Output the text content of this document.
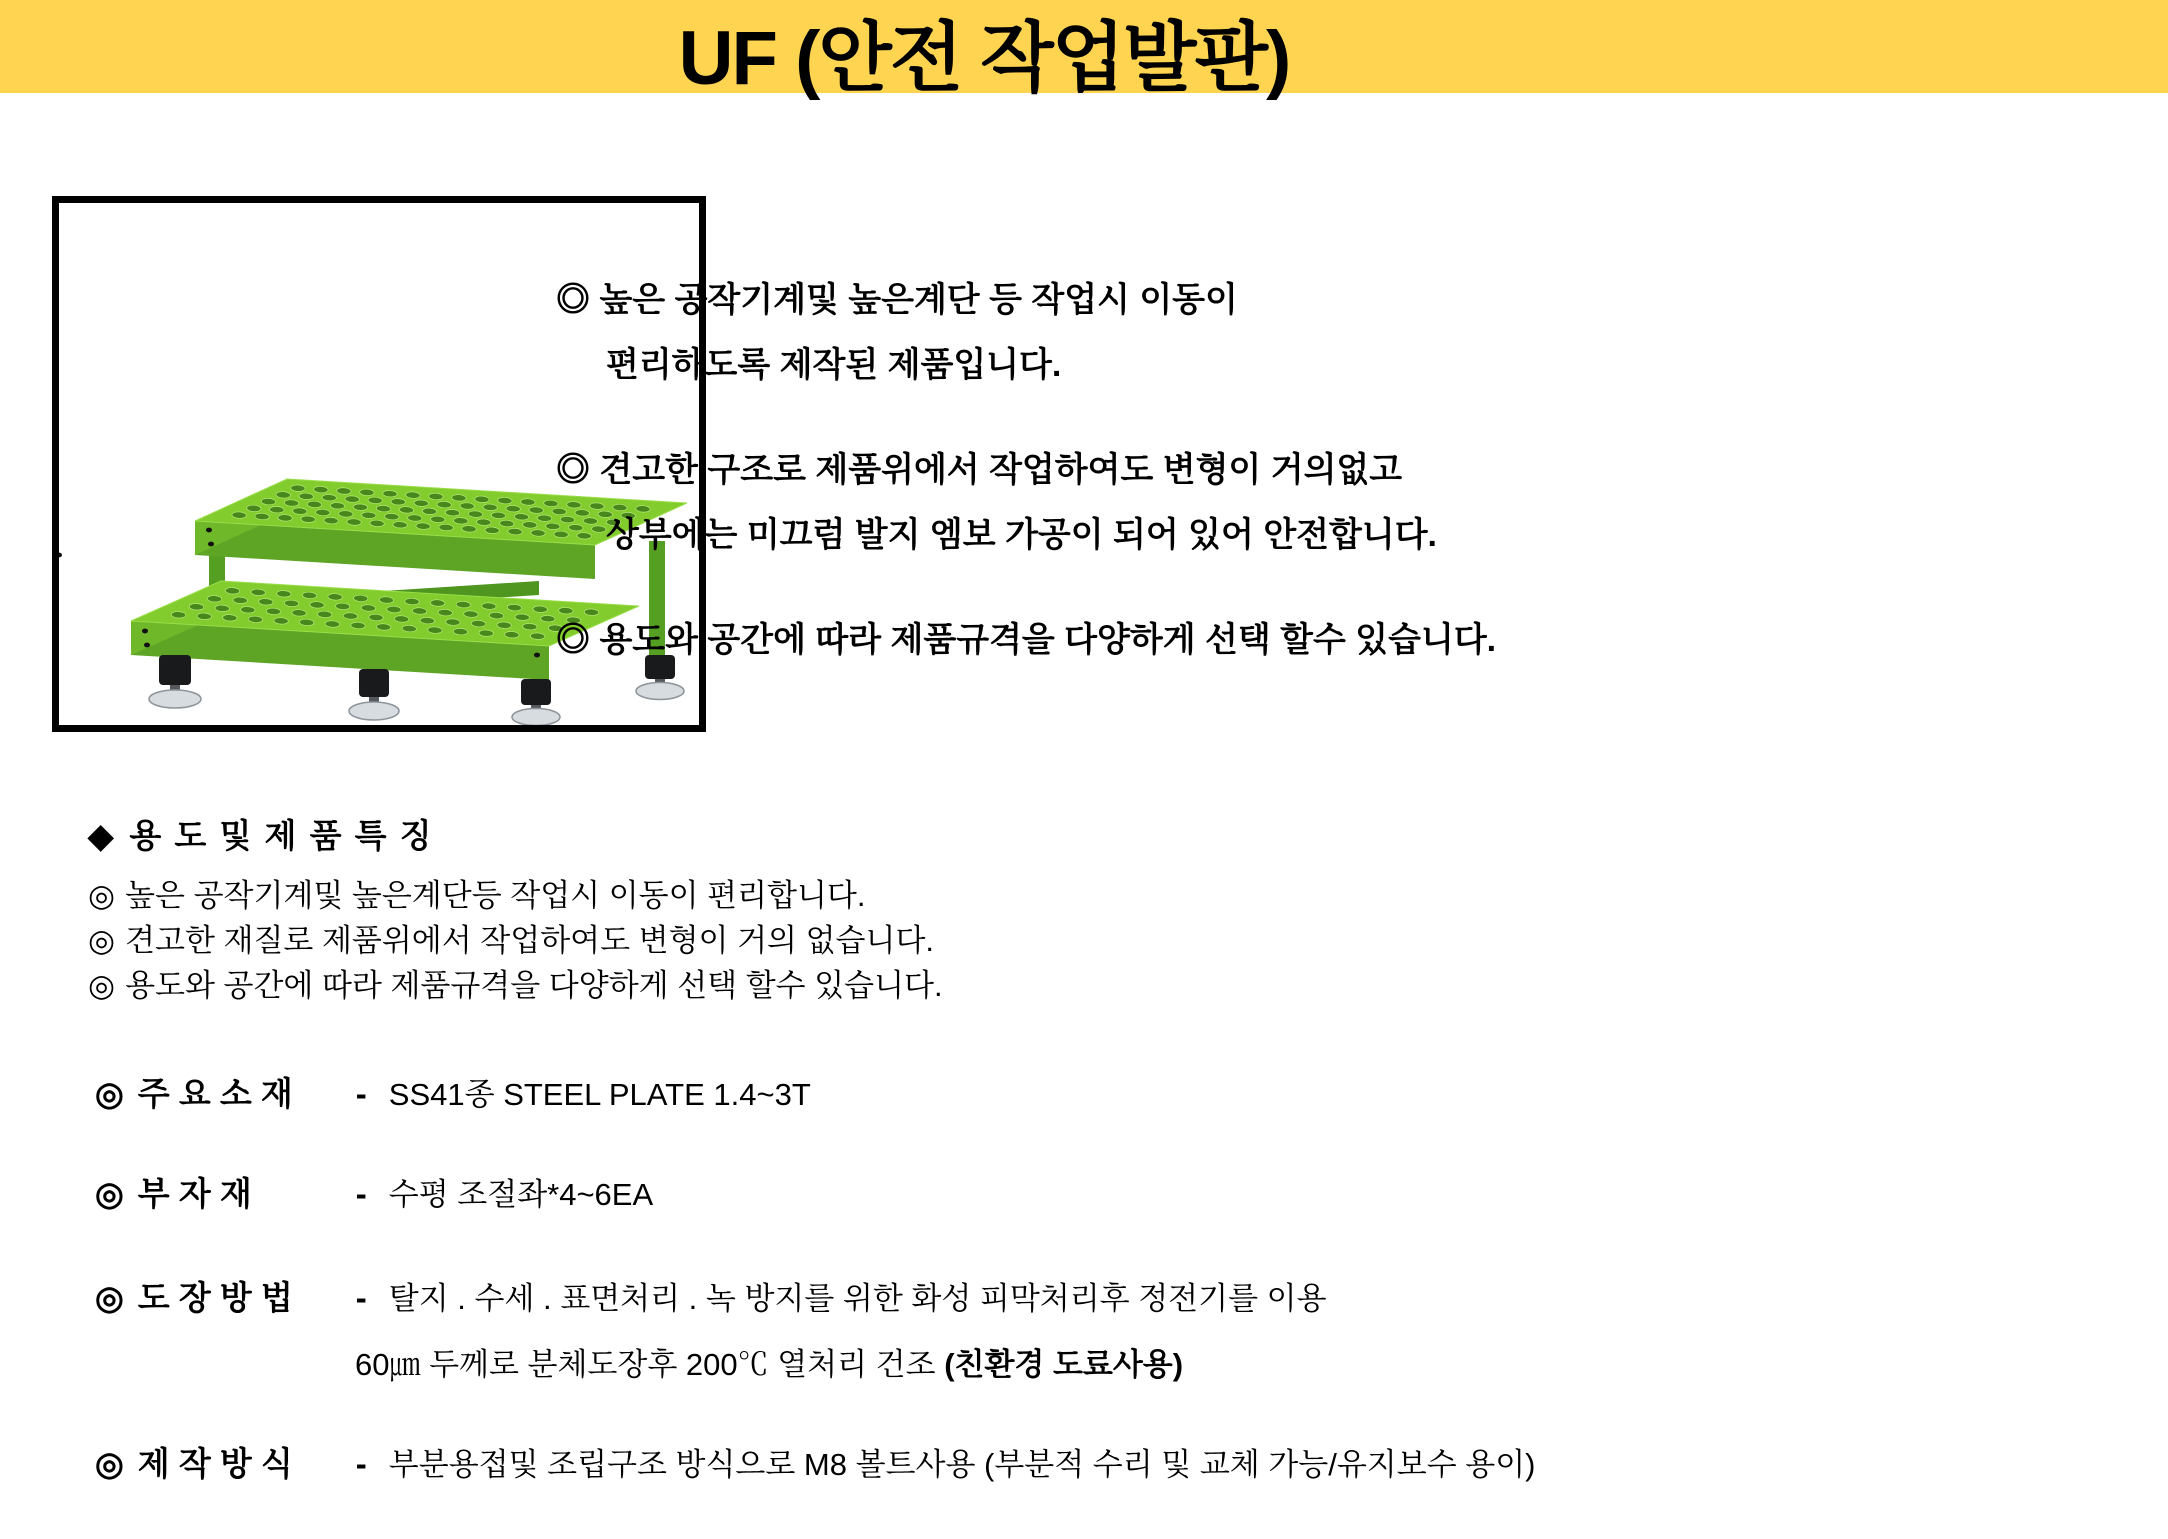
UF (안전 작업발판)
◎ 높은 공작기계및 높은계단 등 작업시 이동이
편리하도록 제작된 제품입니다.
◎ 견고한 구조로 제품위에서 작업하여도 변형이 거의없고
상부에는 미끄럼 발지 엠보 가공이 되어 있어 안전합니다.
◎ 용도와 공간에 따라 제품규격을 다양하게 선택 할수 있습니다.
◆ 용 도 및 제 품 특 징
◎ 높은 공작기계및 높은계단등 작업시 이동이 편리합니다.
◎ 견고한 재질로 제품위에서 작업하여도 변형이 거의 없습니다.
◎ 용도와 공간에 따라 제품규격을 다양하게 선택 할수 있습니다.
◎ 주 요 소 재 - SS41종 STEEL PLATE 1.4~3T
◎ 부 자 재	- 수평 조절좌*4~6EA
◎ 도 장 방 법 - 탈지 . 수세 . 표면처리 . 녹 방지를 위한 화성 피막처리후 정전기를 이용
60㎛ 두께로 분체도장후 200℃ 열처리 건조 (친환경 도료사용)
◎ 제 작 방 식 - 부분용접및 조립구조 방식으로 M8 볼트사용 (부분적 수리 및 교체 가능/유지보수 용이)
